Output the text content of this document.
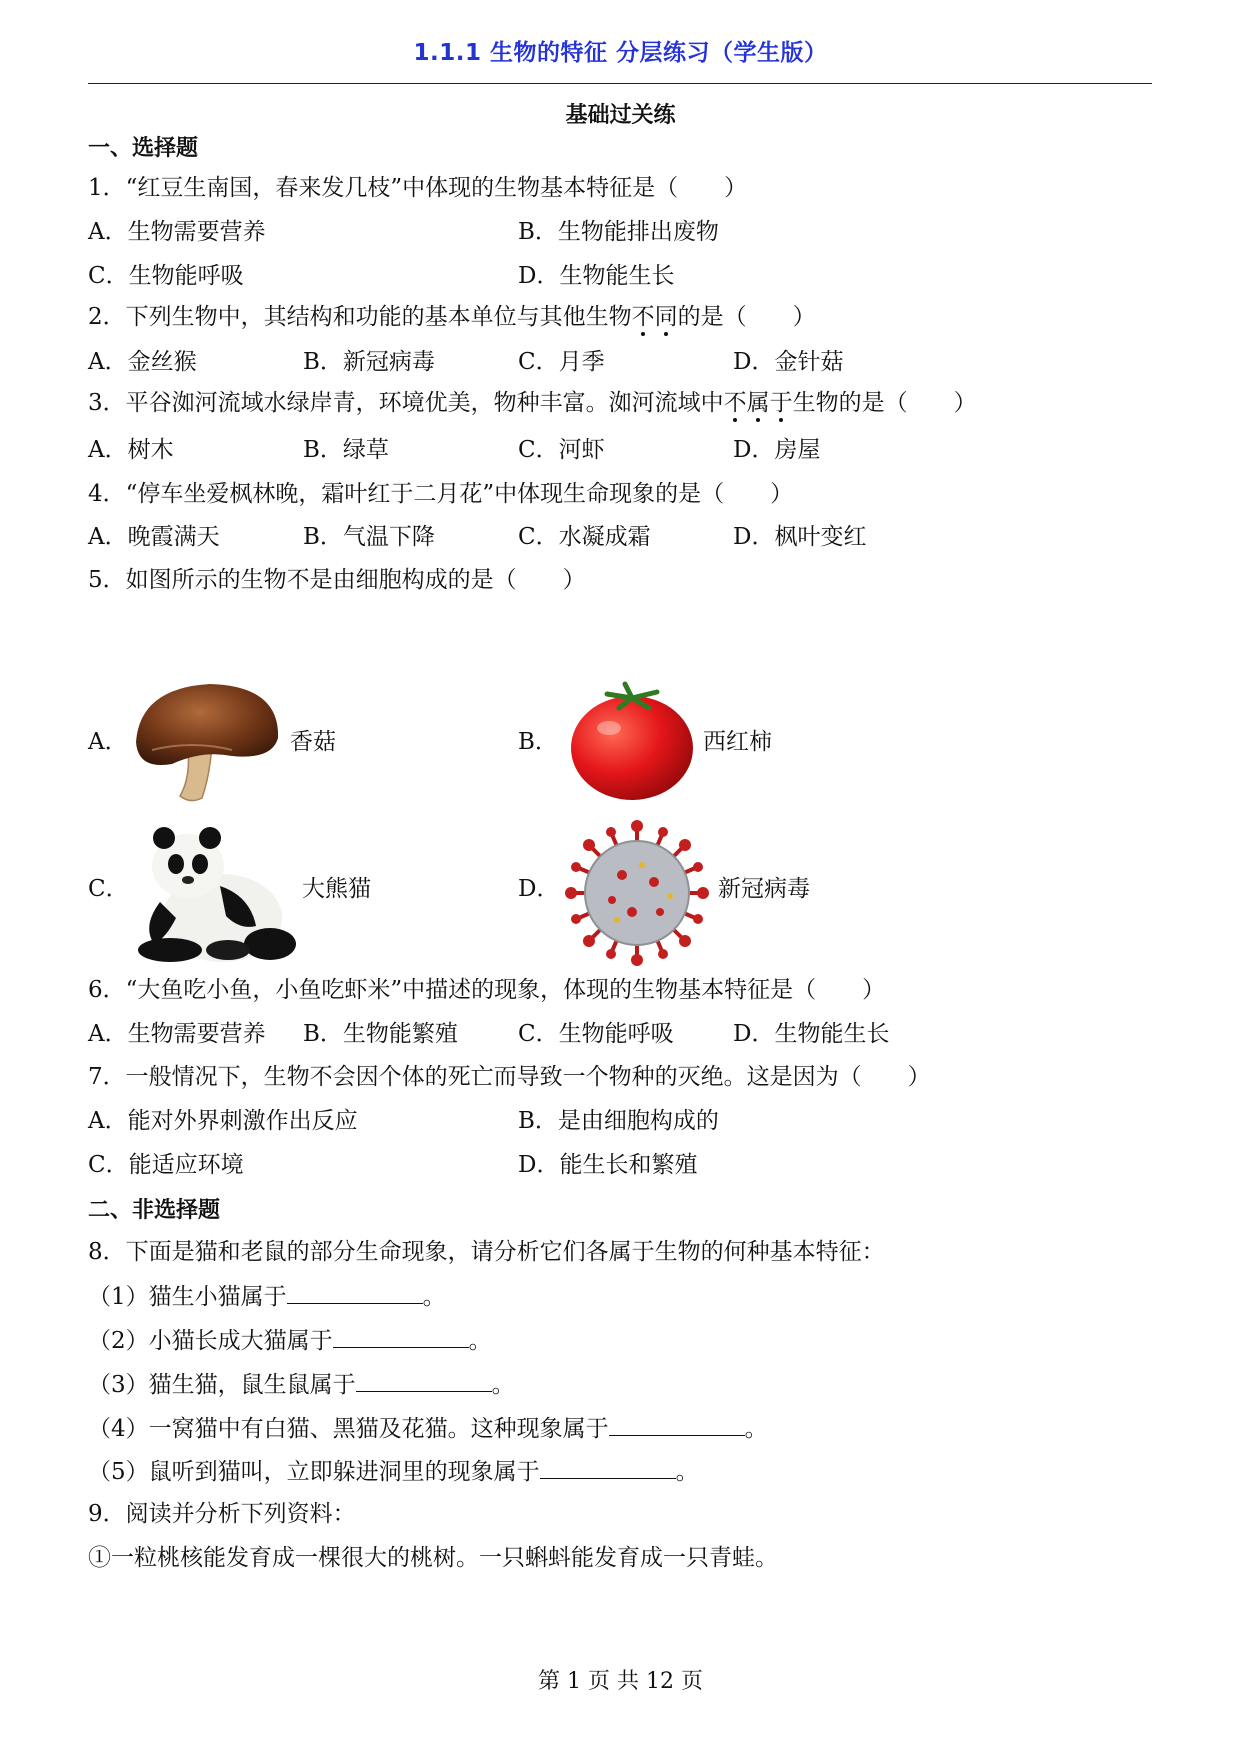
1.1.1 生物的特征 分层练习（学生版）
基础过关练
一、选择题
1．“红豆生南国，春来发几枝”中体现的生物基本特征是（　　）
A．生物需要营养	B．生物能排出废物
C．生物能呼吸	D．生物能生长
2．下列生物中，其结构和功能的基本单位与其他生物不同的是（　　）
A．金丝猴	B．新冠病毒	C．月季	D．金针菇
3．平谷洳河流域水绿岸青，环境优美，物种丰富。洳河流域中不属于生物的是（　　）
A．树木	B．绿草	C．河虾	D．房屋
4．“停车坐爱枫林晚，霜叶红于二月花”中体现生命现象的是（　　）
A．晚霞满天	B．气温下降	C．水凝成霜	D．枫叶变红
5．如图所示的生物不是由细胞构成的是（　　）
A．	香菇	B．	西红柿
C．	大熊猫	D．	新冠病毒
6．“大鱼吃小鱼，小鱼吃虾米”中描述的现象，体现的生物基本特征是（　　）
A．生物需要营养 B．生物能繁殖	C．生物能呼吸	D．生物能生长
7．一般情况下，生物不会因个体的死亡而导致一个物种的灭绝。这是因为（　　）
A．能对外界刺激作出反应	B．是由细胞构成的
C．能适应环境	D．能生长和繁殖
二、非选择题
8．下面是猫和老鼠的部分生命现象，请分析它们各属于生物的何种基本特征：
（1）猫生小猫属于	。
（2）小猫长成大猫属于	。
（3）猫生猫，鼠生鼠属于	。
（4）一窝猫中有白猫、黑猫及花猫。这种现象属于	。
（5）鼠听到猫叫，立即躲进洞里的现象属于	。
9．阅读并分析下列资料：
①一粒桃核能发育成一棵很大的桃树。一只蝌蚪能发育成一只青蛙。
第 1 页 共 12 页
